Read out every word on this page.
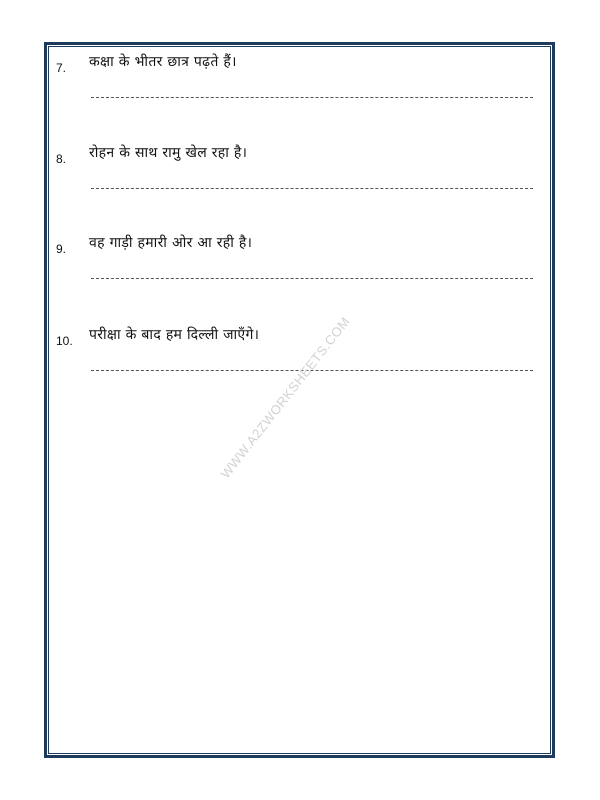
7. कक्षा के भीतर छात्र पढ़ते हैं।
8. रोहन के साथ रामु खेल रहा है।
9. वह गाड़ी हमारी ओर आ रही है।
10. परीक्षा के बाद हम दिल्ली जाएँगे।
WWW.A2ZWORKSHEETS.COM
